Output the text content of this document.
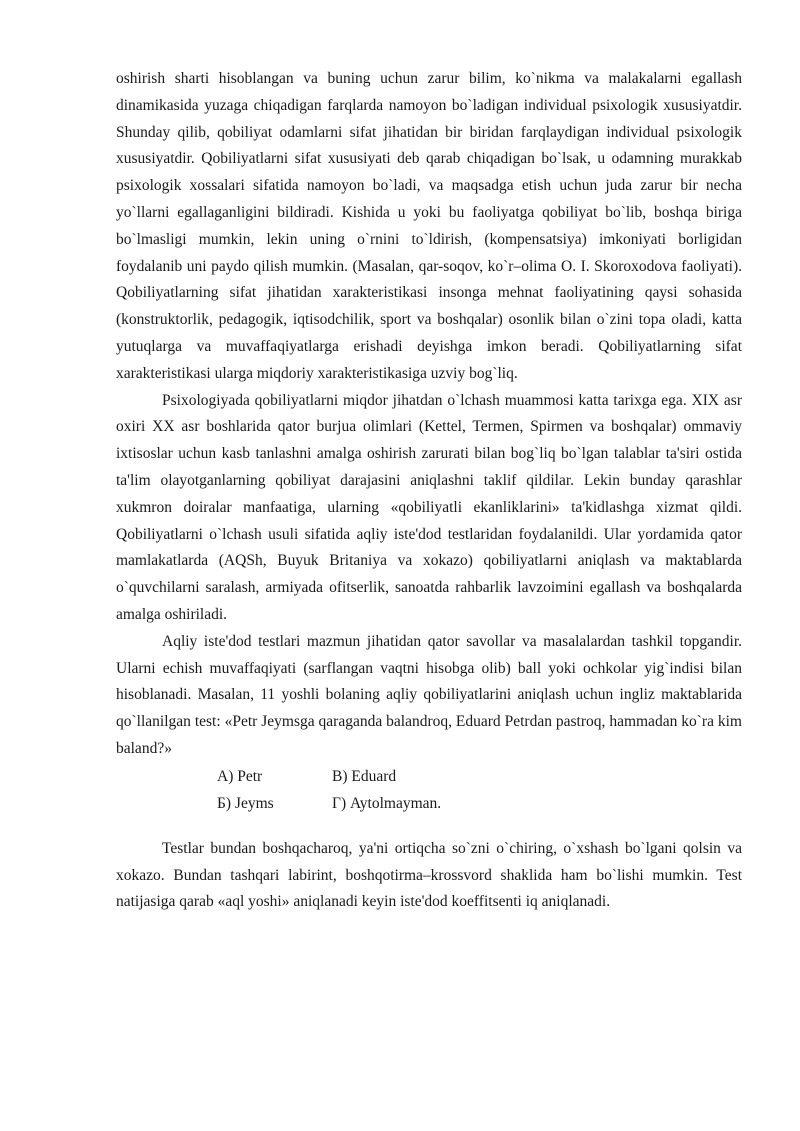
oshirish sharti hisoblangan va buning uchun zarur bilim, ko`nikma va malakalarni egallash dinamikasida yuzaga chiqadigan farqlarda namoyon bo`ladigan individual psixologik xususiyatdir. Shunday qilib, qobiliyat odamlarni sifat jihatidan bir biridan farqlaydigan individual psixologik xususiyatdir. Qobiliyatlarni sifat xususiyati deb qarab chiqadigan bo`lsak, u odamning murakkab psixologik xossalari sifatida namoyon bo`ladi, va maqsadga etish uchun juda zarur bir necha yo`llarni egallaganligini bildiradi. Kishida u yoki bu faoliyatga qobiliyat bo`lib, boshqa biriga bo`lmasligi mumkin, lekin uning o`rnini to`ldirish, (kompensatsiya) imkoniyati borligidan foydalanib uni paydo qilish mumkin. (Masalan, qar-soqov, ko`r–olima O. I. Skoroxodova faoliyati). Qobiliyatlarning sifat jihatidan xarakteristikasi insonga mehnat faoliyatining qaysi sohasida (konstruktorlik, pedagogik, iqtisodchilik, sport va boshqalar) osonlik bilan o`zini topa oladi, katta yutuqlarga va muvaffaqiyatlarga erishadi deyishga imkon beradi. Qobiliyatlarning sifat xarakteristikasi ularga miqdoriy xarakteristikasiga uzviy bog`liq.

Psixologiyada qobiliyatlarni miqdor jihatdan o`lchash muammosi katta tarixga ega. XIX asr oxiri XX asr boshlarida qator burjua olimlari (Kettel, Termen, Spirmen va boshqalar) ommaviy ixtisoslar uchun kasb tanlashni amalga oshirish zarurati bilan bog`liq bo`lgan talablar ta'siri ostida ta'lim olayotganlarning qobiliyat darajasini aniqlashni taklif qildilar. Lekin bunday qarashlar xukmron doiralar manfaatiga, ularning «qobiliyatli ekanliklarini» ta'kidlashga xizmat qildi. Qobiliyatlarni o`lchash usuli sifatida aqliy iste'dod testlaridan foydalanildi. Ular yordamida qator mamlakatlarda (AQSh, Buyuk Britaniya va xokazo) qobiliyatlarni aniqlash va maktablarda o`quvchilarni saralash, armiyada ofitserlik, sanoatda rahbarlik lavzoimini egallash va boshqalarda amalga oshiriladi.

Aqliy iste'dod testlari mazmun jihatidan qator savollar va masalalardan tashkil topgandir. Ularni echish muvaffaqiyati (sarflangan vaqtni hisobga olib) ball yoki ochkolar yig`indisi bilan hisoblanadi. Masalan, 11 yoshli bolaning aqliy qobiliyatlarini aniqlash uchun ingliz maktablarida qo`llanilgan test: «Petr Jeymsga qaraganda balandroq, Eduard Petrdan pastroq, hammadan ko`ra kim baland?»

A) Petr	B) Eduard
Б) Jeyms	Г) Aytolmayman.

Testlar bundan boshqacharoq, ya'ni ortiqcha so`zni o`chiring, o`xshash bo`lgani qolsin va xokazo. Bundan tashqari labirint, boshqotirma–krossvord shaklida ham bo`lishi mumkin. Test natijasiga qarab «aql yoshi» aniqlanadi keyin iste'dod koeffitsenti iq aniqlanadi.
